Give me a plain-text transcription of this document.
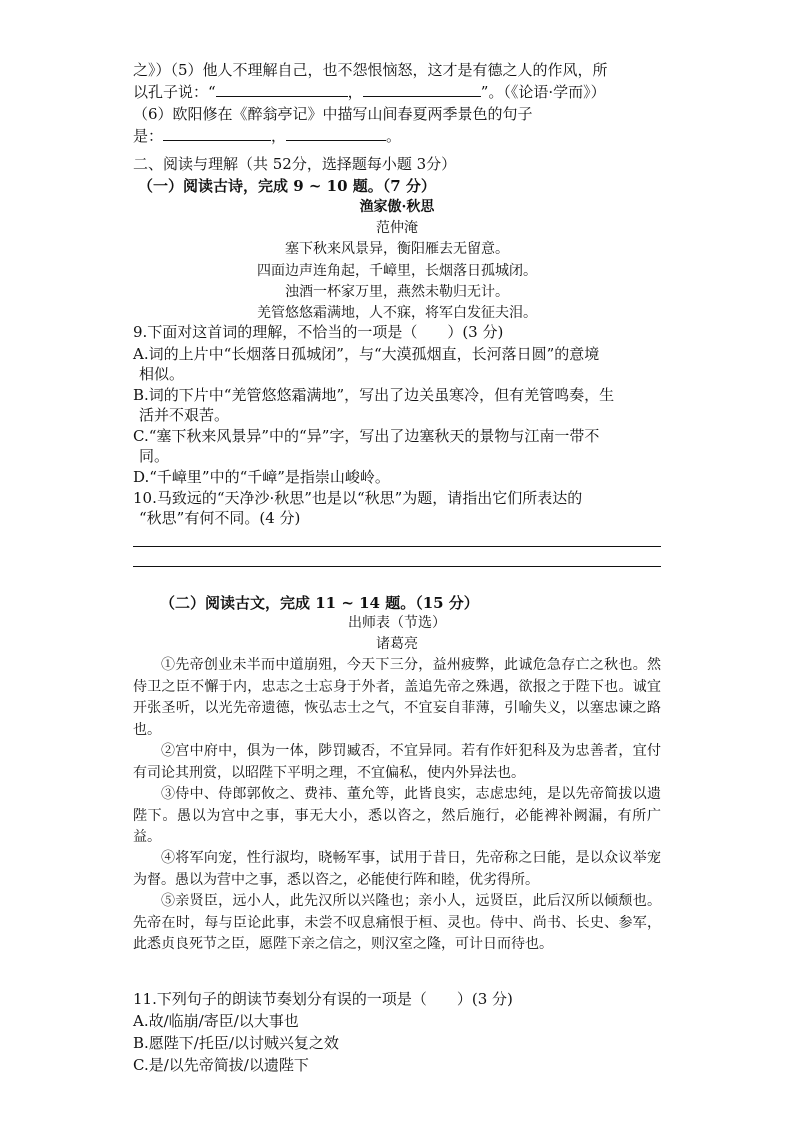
之》）（5）他人不理解自己，也不怨恨恼怒，这才是有德之人的作风，所
以孔子说：“	，	”。（《论语·学而》）
（6）欧阳修在《醉翁亭记》中描写山间春夏两季景色的句子
是：	，	。
二、阅读与理解（共 52分，选择题每小题 3分）
（一）阅读古诗，完成 9 ~ 10 题。（7 分）
渔家傲·秋思
范仲淹
塞下秋来风景异，衡阳雁去无留意。
四面边声连角起，千嶂里，长烟落日孤城闭。
浊酒一杯家万里，燕然未勒归无计。
羌管悠悠霜满地，人不寐，将军白发征夫泪。
9.下面对这首词的理解，不恰当的一项是（　　）(3 分)
A.词的上片中“长烟落日孤城闭”，与“大漠孤烟直，长河落日圆”的意境
相似。
B.词的下片中“羌管悠悠霜满地”，写出了边关虽寒冷，但有羌管鸣奏，生
活并不艰苦。
C.“塞下秋来风景异”中的“异”字，写出了边塞秋天的景物与江南一带不
同。
D.“千嶂里”中的“千嶂”是指崇山峻岭。
10.马致远的“天净沙·秋思”也是以“秋思”为题，请指出它们所表达的
“秋思”有何不同。(4 分)
（二）阅读古文，完成 11 ~ 14 题。（15 分）
出师表（节选）
诸葛亮
①先帝创业未半而中道崩殂，今天下三分，益州疲弊，此诚危急存亡之秋也。然侍卫之臣不懈于内，忠志之士忘身于外者，盖追先帝之殊遇，欲报之于陛下也。诚宜开张圣听，以光先帝遗德，恢弘志士之气，不宜妄自菲薄，引喻失义，以塞忠谏之路也。
②宫中府中，俱为一体，陟罚臧否，不宜异同。若有作奸犯科及为忠善者，宜付有司论其刑赏，以昭陛下平明之理，不宜偏私，使内外异法也。
③侍中、侍郎郭攸之、费祎、董允等，此皆良实，志虑忠纯，是以先帝简拔以遗陛下。愚以为宫中之事，事无大小，悉以咨之，然后施行，必能裨补阙漏，有所广益。
④将军向宠，性行淑均，晓畅军事，试用于昔日，先帝称之曰能，是以众议举宠为督。愚以为营中之事，悉以咨之，必能使行阵和睦，优劣得所。
⑤亲贤臣，远小人，此先汉所以兴隆也；亲小人，远贤臣，此后汉所以倾颓也。先帝在时，每与臣论此事，未尝不叹息痛恨于桓、灵也。侍中、尚书、长史、参军，此悉贞良死节之臣，愿陛下亲之信之，则汉室之隆，可计日而待也。
11.下列句子的朗读节奏划分有误的一项是（　　）(3 分)
A.故/临崩/寄臣/以大事也
B.愿陛下/托臣/以讨贼兴复之效
C.是/以先帝简拔/以遗陛下
